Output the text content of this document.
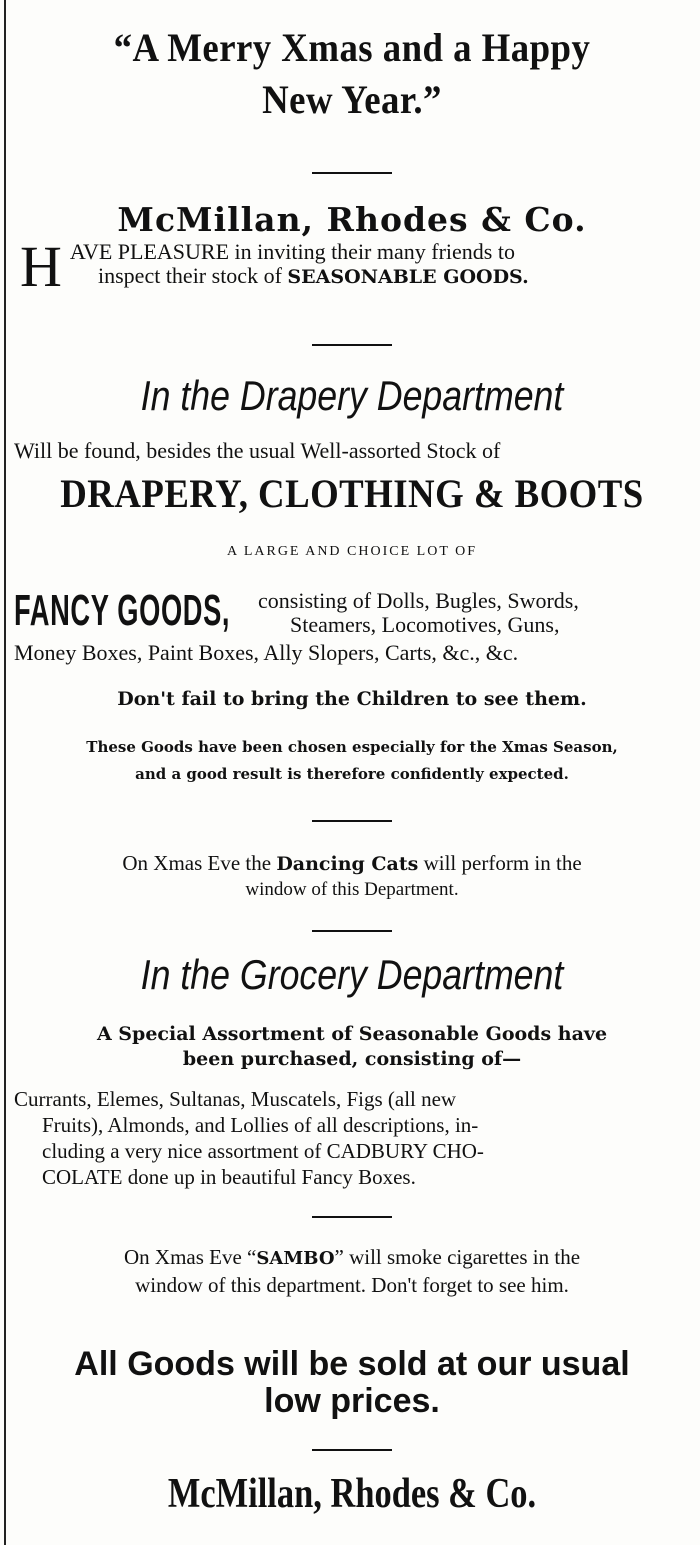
“A Merry Xmas and a Happy
New Year.”
McMillan, Rhodes & Co.
H AVE PLEASURE in inviting their many friends to
inspect their stock of SEASONABLE GOODS.
In the Drapery Department
Will be found, besides the usual Well-assorted Stock of
DRAPERY, CLOTHING & BOOTS
A LARGE AND CHOICE LOT OF
FANCY GOODS, consisting of Dolls, Bugles, Swords,
Steamers, Locomotives, Guns,
Money Boxes, Paint Boxes, Ally Slopers, Carts, &c., &c.
Don't fail to bring the Children to see them.
These Goods have been chosen especially for the Xmas Season,
and a good result is therefore confidently expected.
On Xmas Eve the Dancing Cats will perform in the
window of this Department.
In the Grocery Department
A Special Assortment of Seasonable Goods have
been purchased, consisting of—
Currants, Elemes, Sultanas, Muscatels, Figs (all new
Fruits), Almonds, and Lollies of all descriptions, in-
cluding a very nice assortment of CADBURY CHO-
COLATE done up in beautiful Fancy Boxes.
On Xmas Eve “SAMBO” will smoke cigarettes in the
window of this department. Don't forget to see him.
All Goods will be sold at our usual
low prices.
McMillan, Rhodes & Co.
